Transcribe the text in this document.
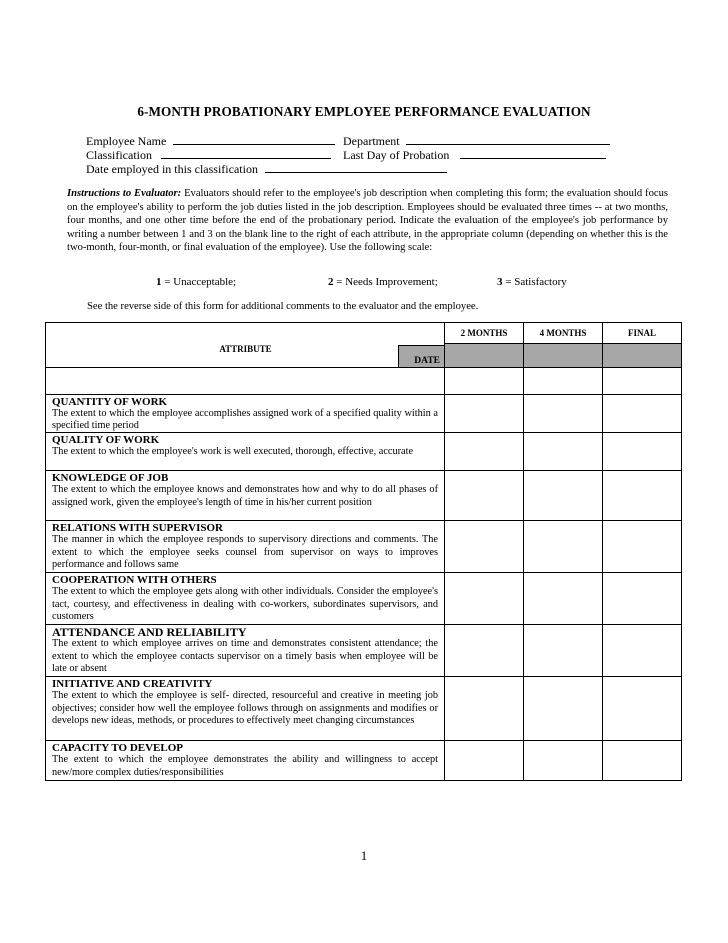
6-MONTH PROBATIONARY EMPLOYEE PERFORMANCE EVALUATION
Employee Name	Department
Classification	Last Day of Probation
Date employed in this classification
Instructions to Evaluator: Evaluators should refer to the employee's job description when completing this form; the evaluation should focus on the employee's ability to perform the job duties listed in the job description. Employees should be evaluated three times -- at two months, four months, and one other time before the end of the probationary period. Indicate the evaluation of the employee's job performance by writing a number between 1 and 3 on the blank line to the right of each attribute, in the appropriate column (depending on whether this is the two-month, four-month, or final evaluation of the employee). Use the following scale:
1 = Unacceptable;	2 = Needs Improvement;	3 = Satisfactory
See the reverse side of this form for additional comments to the evaluator and the employee.
ATTRIBUTE
DATE	2 MONTHS	4 MONTHS	FINAL

QUANTITY OF WORK
The extent to which the employee accomplishes assigned work of a specified quality within a specified time period			

QUALITY OF WORK
The extent to which the employee's work is well executed, thorough, effective, accurate			

KNOWLEDGE OF JOB
The extent to which the employee knows and demonstrates how and why to do all phases of assigned work, given the employee's length of time in his/her current position			

RELATIONS WITH SUPERVISOR
The manner in which the employee responds to supervisory directions and comments. The extent to which the employee seeks counsel from supervisor on ways to improves performance and follows same			

COOPERATION WITH OTHERS
The extent to which the employee gets along with other individuals. Consider the employee's tact, courtesy, and effectiveness in dealing with co-workers, subordinates supervisors, and customers			

ATTENDANCE AND RELIABILITY
The extent to which employee arrives on time and demonstrates consistent attendance; the extent to which the employee contacts supervisor on a timely basis when employee will be late or absent			

INITIATIVE AND CREATIVITY
The extent to which the employee is self- directed, resourceful and creative in meeting job objectives; consider how well the employee follows through on assignments and modifies or develops new ideas, methods, or procedures to effectively meet changing circumstances			

CAPACITY TO DEVELOP
The extent to which the employee demonstrates the ability and willingness to accept new/more complex duties/responsibilities			
1
